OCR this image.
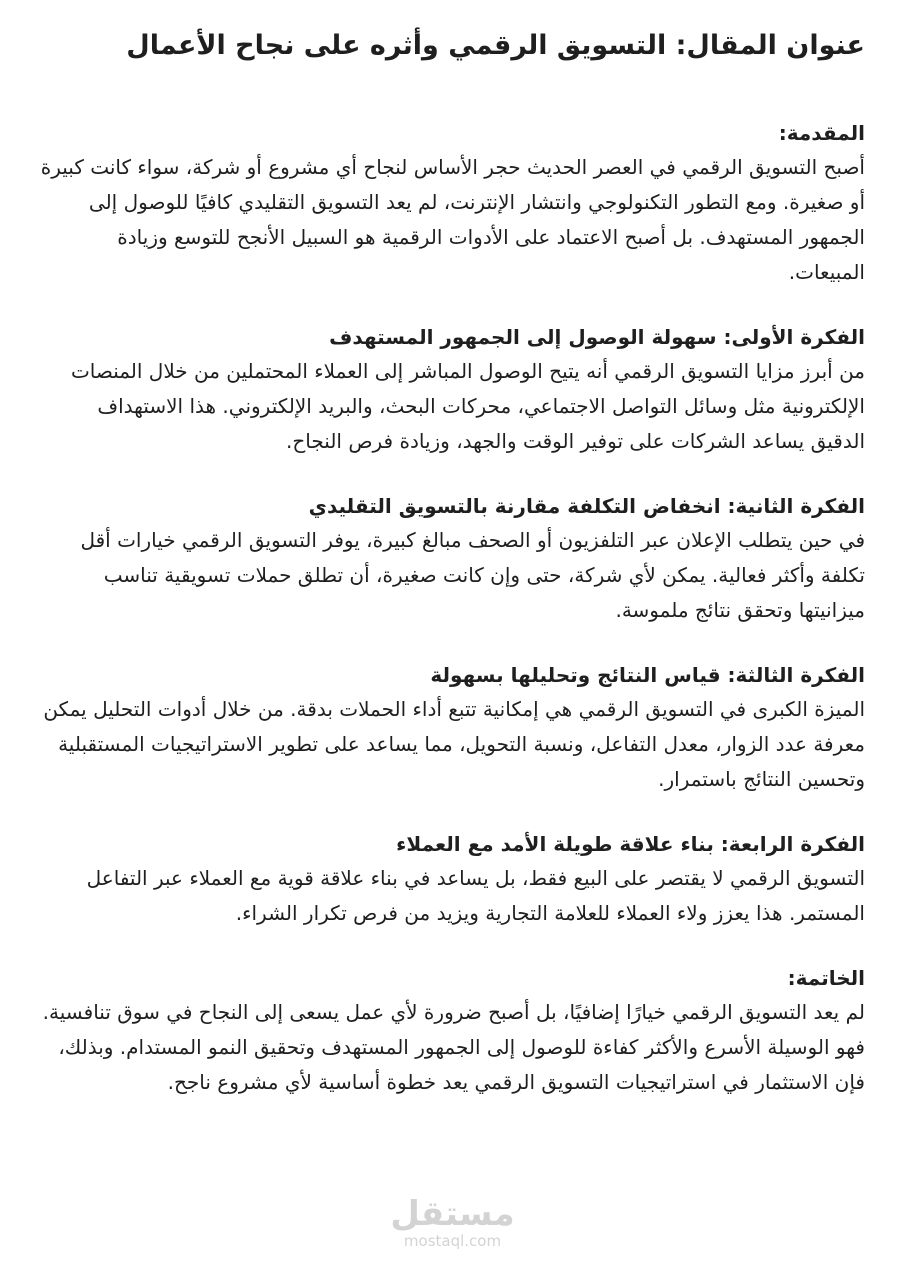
عنوان المقال: التسويق الرقمي وأثره على نجاح الأعمال

المقدمة:

أصبح التسويق الرقمي في العصر الحديث حجر الأساس لنجاح أي مشروع أو شركة، سواء كانت كبيرة أو صغيرة. ومع التطور التكنولوجي وانتشار الإنترنت، لم يعد التسويق التقليدي كافيًا للوصول إلى الجمهور المستهدف. بل أصبح الاعتماد على الأدوات الرقمية هو السبيل الأنجح للتوسع وزيادة المبيعات.

الفكرة الأولى: سهولة الوصول إلى الجمهور المستهدف

من أبرز مزايا التسويق الرقمي أنه يتيح الوصول المباشر إلى العملاء المحتملين من خلال المنصات الإلكترونية مثل وسائل التواصل الاجتماعي، محركات البحث، والبريد الإلكتروني. هذا الاستهداف الدقيق يساعد الشركات على توفير الوقت والجهد، وزيادة فرص النجاح.

الفكرة الثانية: انخفاض التكلفة مقارنة بالتسويق التقليدي

في حين يتطلب الإعلان عبر التلفزيون أو الصحف مبالغ كبيرة، يوفر التسويق الرقمي خيارات أقل تكلفة وأكثر فعالية. يمكن لأي شركة، حتى وإن كانت صغيرة، أن تطلق حملات تسويقية تناسب ميزانيتها وتحقق نتائج ملموسة.

الفكرة الثالثة: قياس النتائج وتحليلها بسهولة

الميزة الكبرى في التسويق الرقمي هي إمكانية تتبع أداء الحملات بدقة. من خلال أدوات التحليل يمكن معرفة عدد الزوار، معدل التفاعل، ونسبة التحويل، مما يساعد على تطوير الاستراتيجيات المستقبلية وتحسين النتائج باستمرار.

الفكرة الرابعة: بناء علاقة طويلة الأمد مع العملاء

التسويق الرقمي لا يقتصر على البيع فقط، بل يساعد في بناء علاقة قوية مع العملاء عبر التفاعل المستمر. هذا يعزز ولاء العملاء للعلامة التجارية ويزيد من فرص تكرار الشراء.

الخاتمة:

لم يعد التسويق الرقمي خيارًا إضافيًا، بل أصبح ضرورة لأي عمل يسعى إلى النجاح في سوق تنافسية. فهو الوسيلة الأسرع والأكثر كفاءة للوصول إلى الجمهور المستهدف وتحقيق النمو المستدام. وبذلك، فإن الاستثمار في استراتيجيات التسويق الرقمي يعد خطوة أساسية لأي مشروع ناجح.

مستقل
mostaql.com
